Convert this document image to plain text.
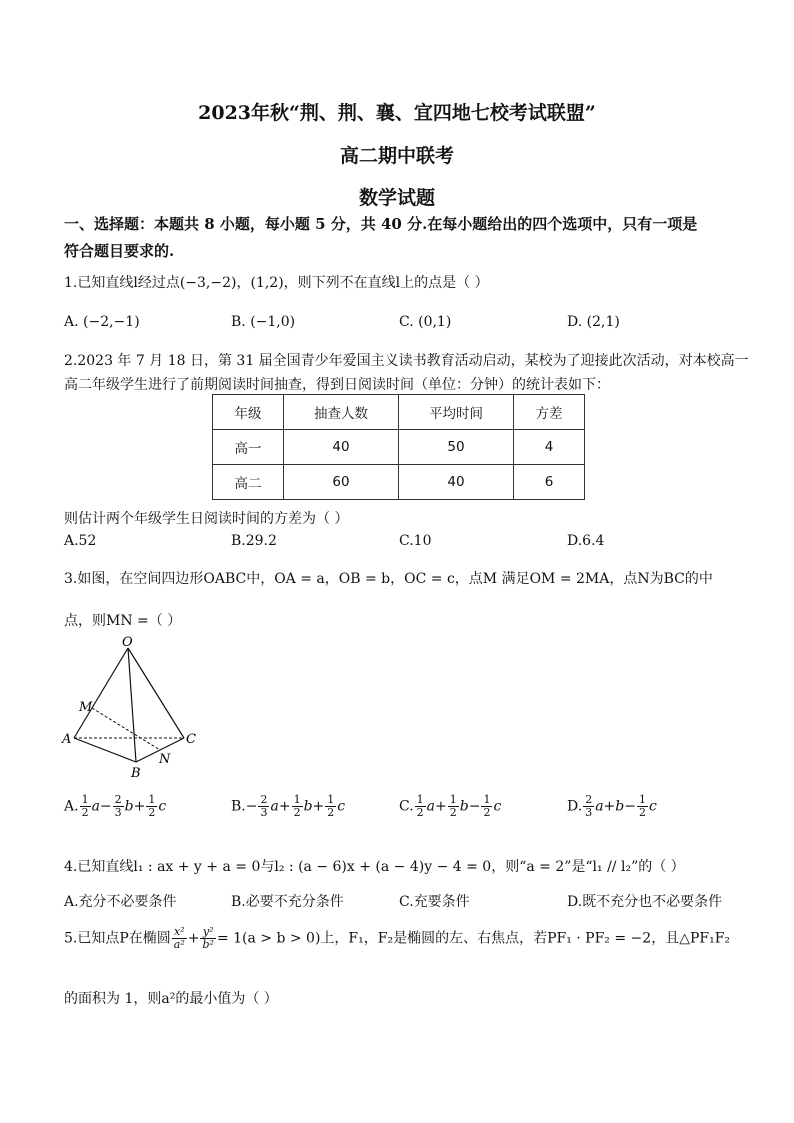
2023年秋“荆、荆、襄、宜四地七校考试联盟”
高二期中联考
数学试题
一、选择题：本题共 8 小题，每小题 5 分，共 40 分.在每小题给出的四个选项中，只有一项是
符合题目要求的.
1.已知直线l经过点(−3,−2)，(1,2)，则下列不在直线l上的点是（ ）
A. (−2,−1)	B. (−1,0)	C. (0,1)	D. (2,1)
2.2023 年 7 月 18 日，第 31 届全国青少年爱国主义读书教育活动启动，某校为了迎接此次活动，对本校高一
高二年级学生进行了前期阅读时间抽查，得到日阅读时间（单位：分钟）的统计表如下：
年级	抽查人数	平均时间	方差
高一	40	50	4
高二	60	40	6
则估计两个年级学生日阅读时间的方差为（ ）
A.52	B.29.2	C.10	D.6.4
3.如图，在空间四边形OABC中，OA = a，OB = b，OC = c，点M 满足OM = 2MA，点N为BC的中
点，则MN =（ ）
O
M
A
B
N
C
A. $\frac{1}{2} a- \frac{2}{3} b+ \frac{1}{2}$ c	$B.- \frac{2}{3} a+ \frac{1}{2} b+ \frac{1}{2}$ c	C. $\frac{1}{2} a+ \frac{1}{2} b- \frac{1}{2}$ c	D. $\frac{2}{3} a+b- \frac{1}{2}$ c
4.已知直线l₁ : ax + y + a = 0与l₂ : (a − 6)x + (a − 4)y − 4 = 0，则“a = 2”是“l₁ // l₂”的（ ）
A.充分不必要条件	B.必要不充分条件	C.充要条件	D.既不充分也不必要条件
5.已知点P在椭圆 $\frac{\text{x²}}{\text{a²}} + \frac{\text{y²}}{\text{b²}} = 1(a > b > 0)$上，F₁，F₂是椭圆的左、右焦点，若PF₁ · PF₂ = −2，且△PF₁F₂
的面积为 1，则a²的最小值为（ ）
